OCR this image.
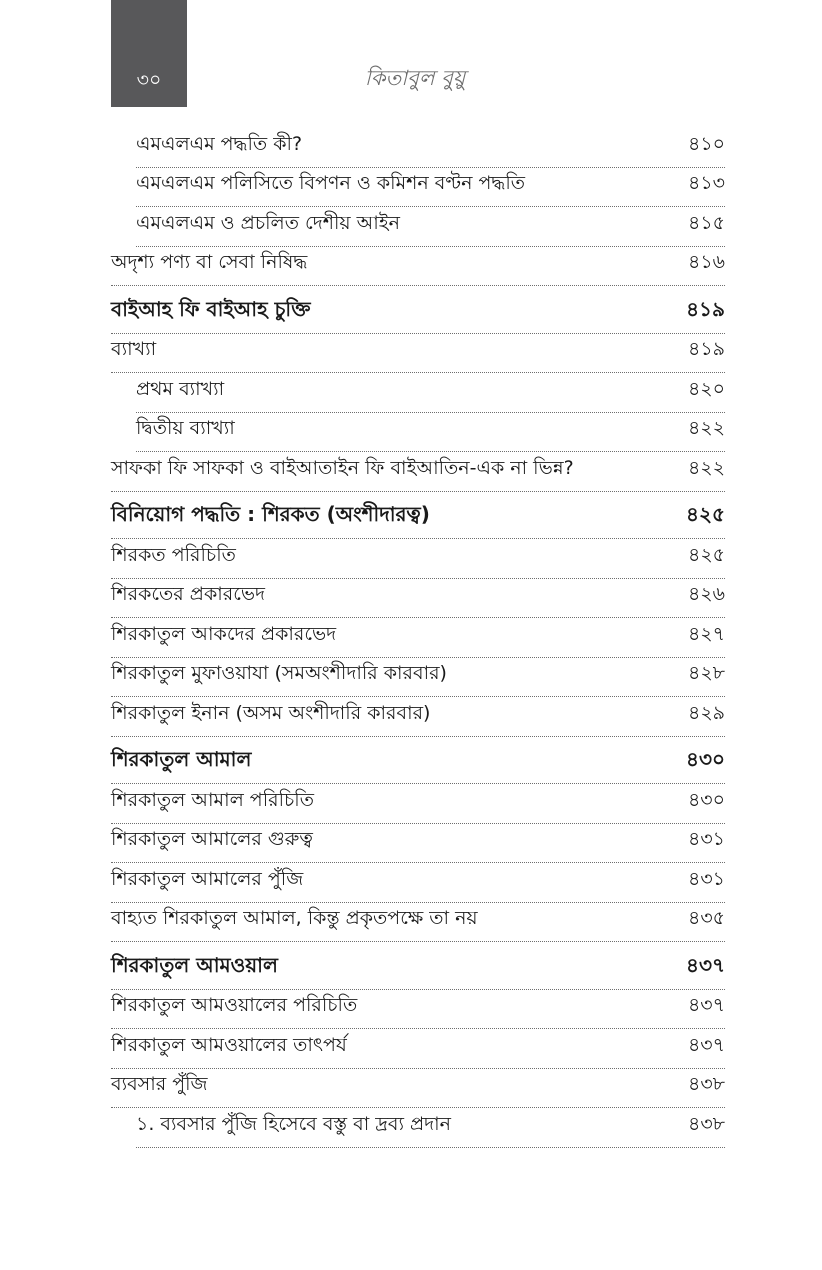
৩০	কিতাবুল বুয়ু
এমএলএম পদ্ধতি কী?	৪১০
এমএলএম পলিসিতে বিপণন ও কমিশন বণ্টন পদ্ধতি	৪১৩
এমএলএম ও প্রচলিত দেশীয় আইন	৪১৫
অদৃশ্য পণ্য বা সেবা নিষিদ্ধ	৪১৬
বাইআহ ফি বাইআহ চুক্তি	৪১৯
ব্যাখ্যা	৪১৯
প্রথম ব্যাখ্যা	৪২০
দ্বিতীয় ব্যাখ্যা	৪২২
সাফকা ফি সাফকা ও বাইআতাইন ফি বাইআতিন-এক না ভিন্ন?	৪২২
বিনিয়োগ পদ্ধতি : শিরকত (অংশীদারত্ব)	৪২৫
শিরকত পরিচিতি	৪২৫
শিরকতের প্রকারভেদ	৪২৬
শিরকাতুল আকদের প্রকারভেদ	৪২৭
শিরকাতুল মুফাওয়াযা (সমঅংশীদারি কারবার)	৪২৮
শিরকাতুল ইনান (অসম অংশীদারি কারবার)	৪২৯
শিরকাতুল আমাল	৪৩০
শিরকাতুল আমাল পরিচিতি	৪৩০
শিরকাতুল আমালের গুরুত্ব	৪৩১
শিরকাতুল আমালের পুঁজি	৪৩১
বাহ্যত শিরকাতুল আমাল, কিন্তু প্রকৃতপক্ষে তা নয়	৪৩৫
শিরকাতুল আমওয়াল	৪৩৭
শিরকাতুল আমওয়ালের পরিচিতি	৪৩৭
শিরকাতুল আমওয়ালের তাৎপর্য	৪৩৭
ব্যবসার পুঁজি	৪৩৮
১. ব্যবসার পুঁজি হিসেবে বস্তু বা দ্রব্য প্রদান	৪৩৮
